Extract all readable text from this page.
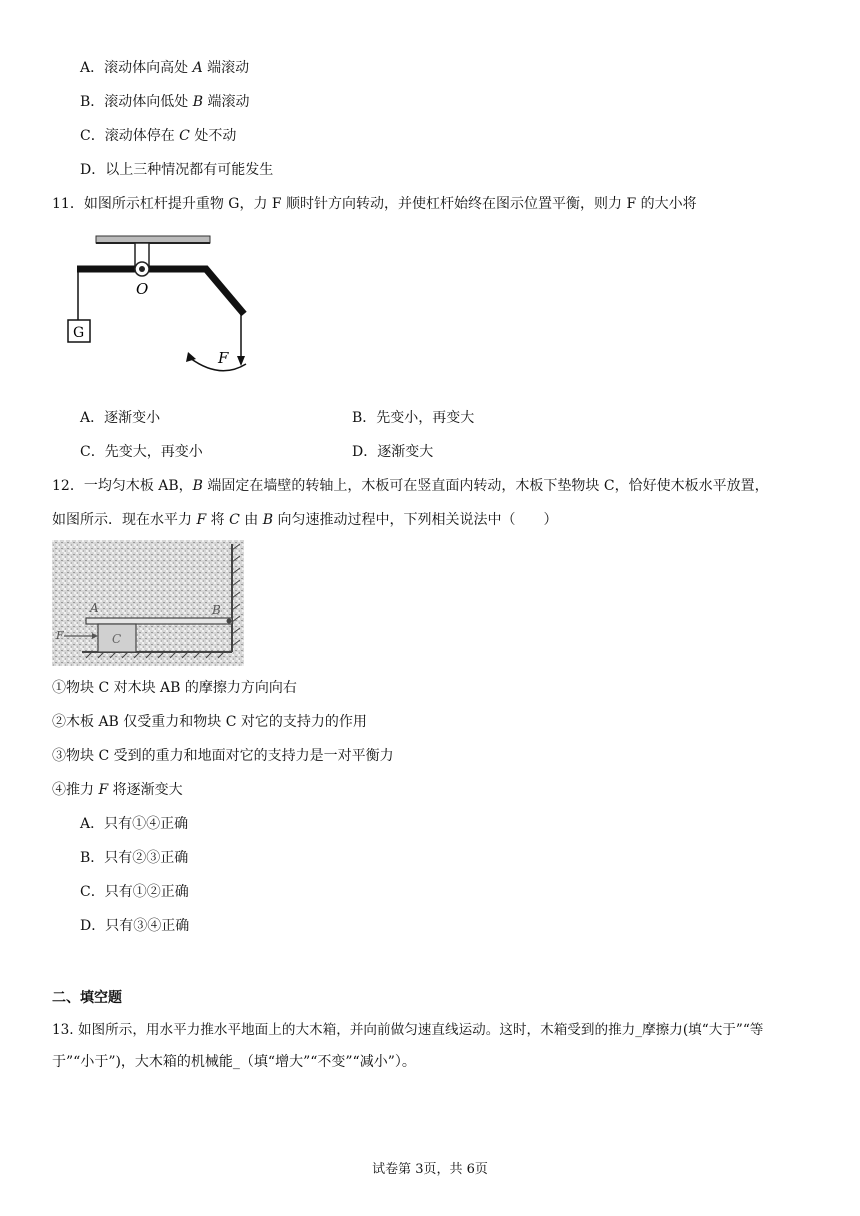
A．滚动体向高处 A 端滚动
B．滚动体向低处 B 端滚动
C．滚动体停在 C 处不动
D．以上三种情况都有可能发生
11．如图所示杠杆提升重物 G，力 F 顺时针方向转动，并使杠杆始终在图示位置平衡，则力 F 的大小将
O
G
F
A．逐渐变小	B．先变小，再变大
C．先变大，再变小	D．逐渐变大
12．一均匀木板 AB，B 端固定在墙壁的转轴上，木板可在竖直面内转动，木板下垫物块 C，恰好使木板水平放置，
如图所示．现在水平力 F 将 C 由 B 向匀速推动过程中，下列相关说法中（　　）
A	B
C
F
①物块 C 对木块 AB 的摩擦力方向向右
②木板 AB 仅受重力和物块 C 对它的支持力的作用
③物块 C 受到的重力和地面对它的支持力是一对平衡力
④推力 F 将逐渐变大
A．只有①④正确
B．只有②③正确
C．只有①②正确
D．只有③④正确
二、填空题
13. 如图所示，用水平力推水平地面上的大木箱，并向前做匀速直线运动。这时，木箱受到的推力_摩擦力(填“大于”“等
于”“小于”)，大木箱的机械能_（填“增大”“不变”“减小”）。
试卷第 3页，共 6页
